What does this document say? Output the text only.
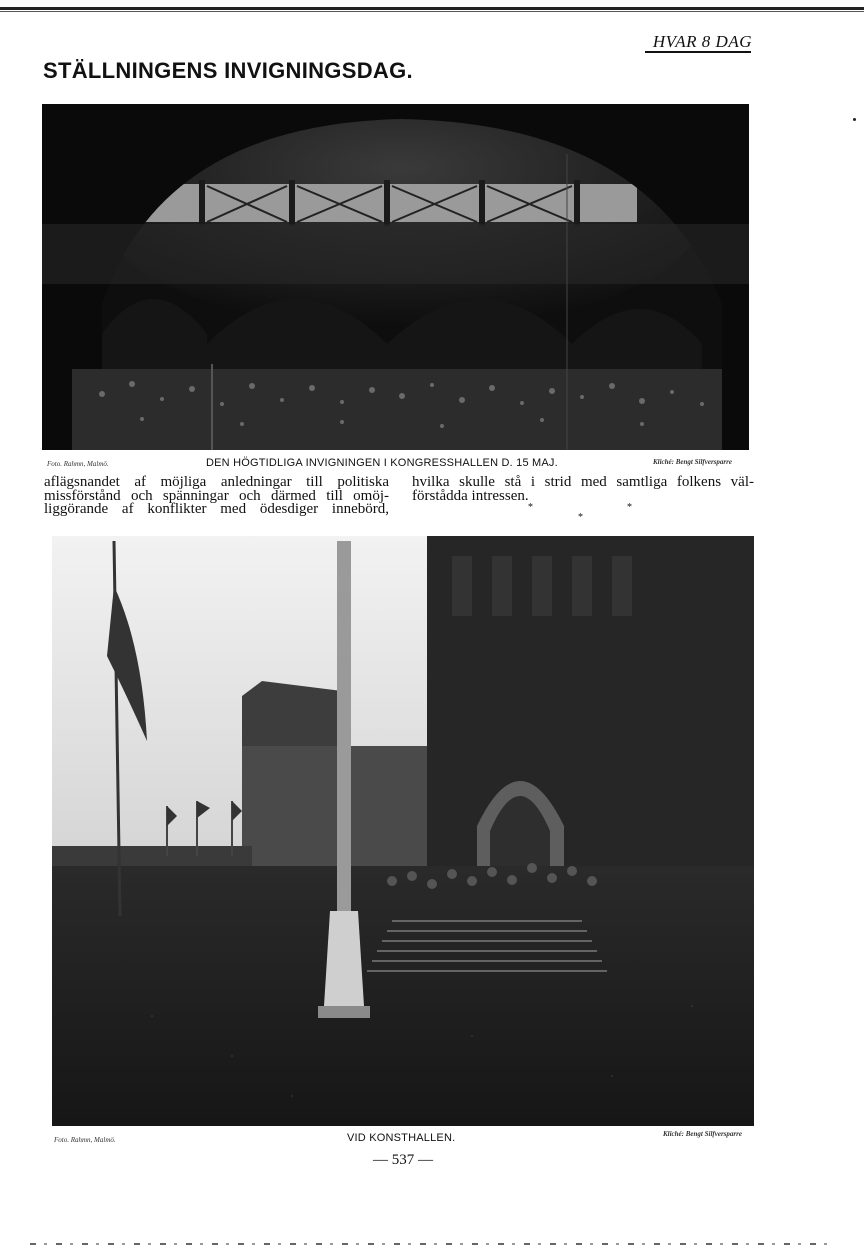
HVAR 8 DAG
STÄLLNINGENS INVIGNINGSDAG.
Foto. Rahmn, Malmö.	DEN HÖGTIDLIGA INVIGNINGEN I KONGRESSHALLEN D. 15 MAJ.	Kliché: Bengt Silfversparre
aflägsnandet af möjliga anledningar till politiska
missförstånd och spänningar och därmed till omöj-
liggörande af konflikter med ödesdiger innebörd,
hvilka skulle stå i strid med samtliga folkens väl-
förstådda intressen.
*
*
*
Foto. Rahmn, Malmö.	VID KONSTHALLEN.	Kliché: Bengt Silfversparre
— 537 —
